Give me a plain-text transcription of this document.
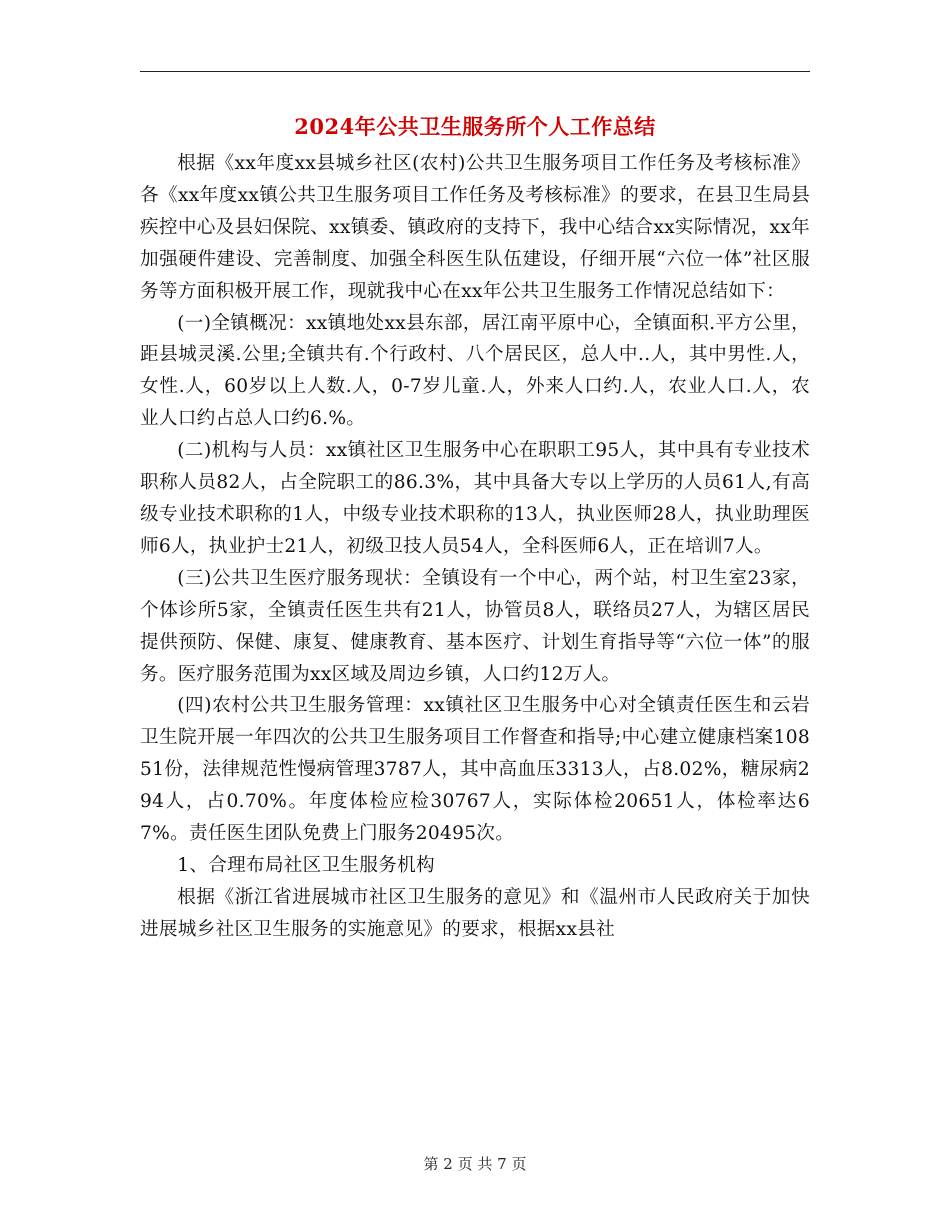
2024年公共卫生服务所个人工作总结

根据《xx年度xx县城乡社区(农村)公共卫生服务项目工作任务及考核标准》各《xx年度xx镇公共卫生服务项目工作任务及考核标准》的要求，在县卫生局县疾控中心及县妇保院、xx镇委、镇政府的支持下，我中心结合xx实际情况，xx年加强硬件建设、完善制度、加强全科医生队伍建设，仔细开展“六位一体”社区服务等方面积极开展工作，现就我中心在xx年公共卫生服务工作情况总结如下：

(一)全镇概况：xx镇地处xx县东部，居江南平原中心，全镇面积.平方公里，距县城灵溪.公里;全镇共有.个行政村、八个居民区，总人中..人，其中男性.人，女性.人，60岁以上人数.人，0-7岁儿童.人，外来人口约.人，农业人口.人，农业人口约占总人口约6.%。

(二)机构与人员：xx镇社区卫生服务中心在职职工95人，其中具有专业技术职称人员82人，占全院职工的86.3%，其中具备大专以上学历的人员61人,有高级专业技术职称的1人，中级专业技术职称的13人，执业医师28人，执业助理医师6人，执业护士21人，初级卫技人员54人，全科医师6人，正在培训7人。

(三)公共卫生医疗服务现状：全镇设有一个中心，两个站，村卫生室23家，个体诊所5家，全镇责任医生共有21人，协管员8人，联络员27人，为辖区居民提供预防、保健、康复、健康教育、基本医疗、计划生育指导等“六位一体”的服务。医疗服务范围为xx区域及周边乡镇，人口约12万人。

(四)农村公共卫生服务管理：xx镇社区卫生服务中心对全镇责任医生和云岩卫生院开展一年四次的公共卫生服务项目工作督查和指导;中心建立健康档案10851份，法律规范性慢病管理3787人，其中高血压3313人，占8.02%，糖尿病294人，占0.70%。年度体检应检30767人，实际体检20651人，体检率达67%。责任医生团队免费上门服务20495次。

1、合理布局社区卫生服务机构

根据《浙江省进展城市社区卫生服务的意见》和《温州市人民政府关于加快进展城乡社区卫生服务的实施意见》的要求，根据xx县社

第 2 页 共 7 页
